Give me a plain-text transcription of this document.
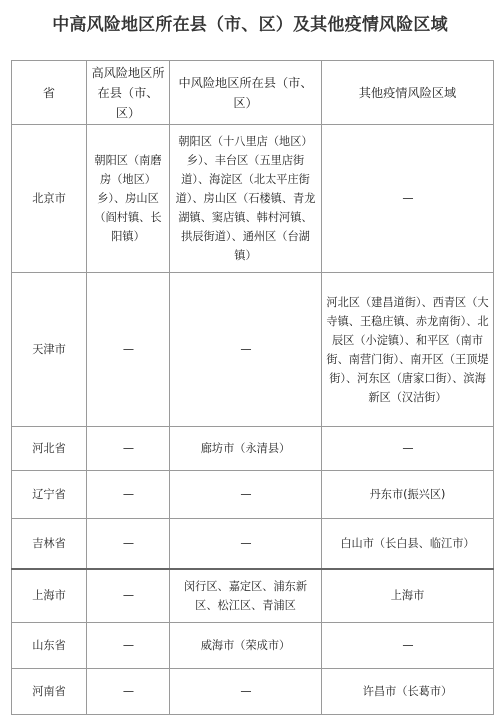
中高风险地区所在县（市、区）及其他疫情风险区域
省	高风险地区所在县（市、区）	中风险地区所在县（市、区）	其他疫情风险区域
北京市	朝阳区（南磨房（地区）乡）、房山区（阎村镇、长阳镇）	朝阳区（十八里店（地区）乡）、丰台区（五里店街道）、海淀区（北太平庄街道）、房山区（石楼镇、青龙湖镇、窦店镇、韩村河镇、拱辰街道）、通州区（台湖镇）	—
天津市	—	—	河北区（建昌道街）、西青区（大寺镇、王稳庄镇、赤龙南街）、北辰区（小淀镇）、和平区（南市街、南营门街）、南开区（王顶堤街）、河东区（唐家口街）、滨海新区（汉沽街）
河北省	—	廊坊市（永清县）	—
辽宁省	—	—	丹东市(振兴区)
吉林省	—	—	白山市（长白县、临江市）
上海市	—	闵行区、嘉定区、浦东新区、松江区、青浦区	上海市
山东省	—	威海市（荣成市）	—
河南省	—	—	许昌市（长葛市）
